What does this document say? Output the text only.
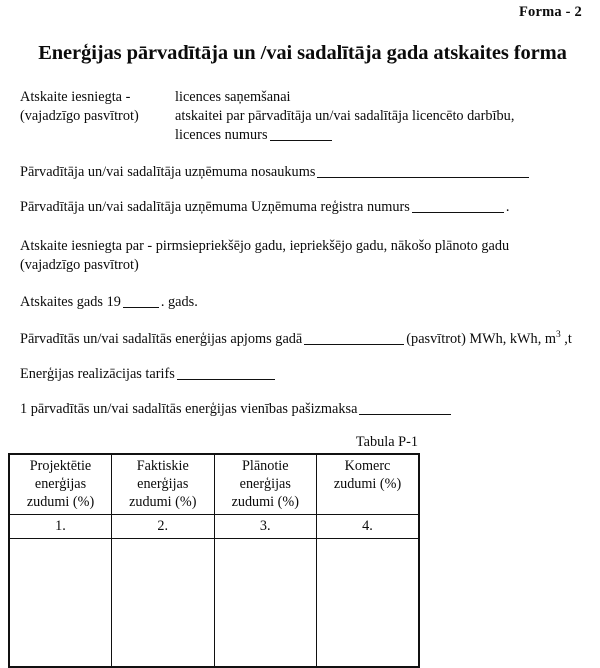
Forma - 2
Enerģijas pārvadītāja un /vai sadalītāja gada atskaites forma
Atskaite iesniegta -
(vajadzīgo pasvītrot)
licences saņemšanai
atskaitei par pārvadītāja un/vai sadalītāja licencēto darbību,
licences numurs
Pārvadītāja un/vai sadalītāja uzņēmuma nosaukums
Pārvadītāja un/vai sadalītāja uzņēmuma Uzņēmuma reģistra numurs	.
Atskaite iesniegta par - pirmsiepriekšējo gadu, iepriekšējo gadu, nākošo plānoto gadu
(vajadzīgo pasvītrot)
Atskaites gads 19	. gads.
Pārvadītās un/vai sadalītās enerģijas apjoms gadā	(pasvītrot) MWh, kWh, $m^3$ ,t
Enerģijas realizācijas tarifs
1 pārvadītās un/vai sadalītās enerģijas vienības pašizmaksa
Tabula P-1
Projektētie
enerģijas
zudumi (%)	Faktiskie
enerģijas
zudumi (%)	Plānotie
enerģijas
zudumi (%)	Komerc
zudumi (%)

1.	2.	3.	4.
